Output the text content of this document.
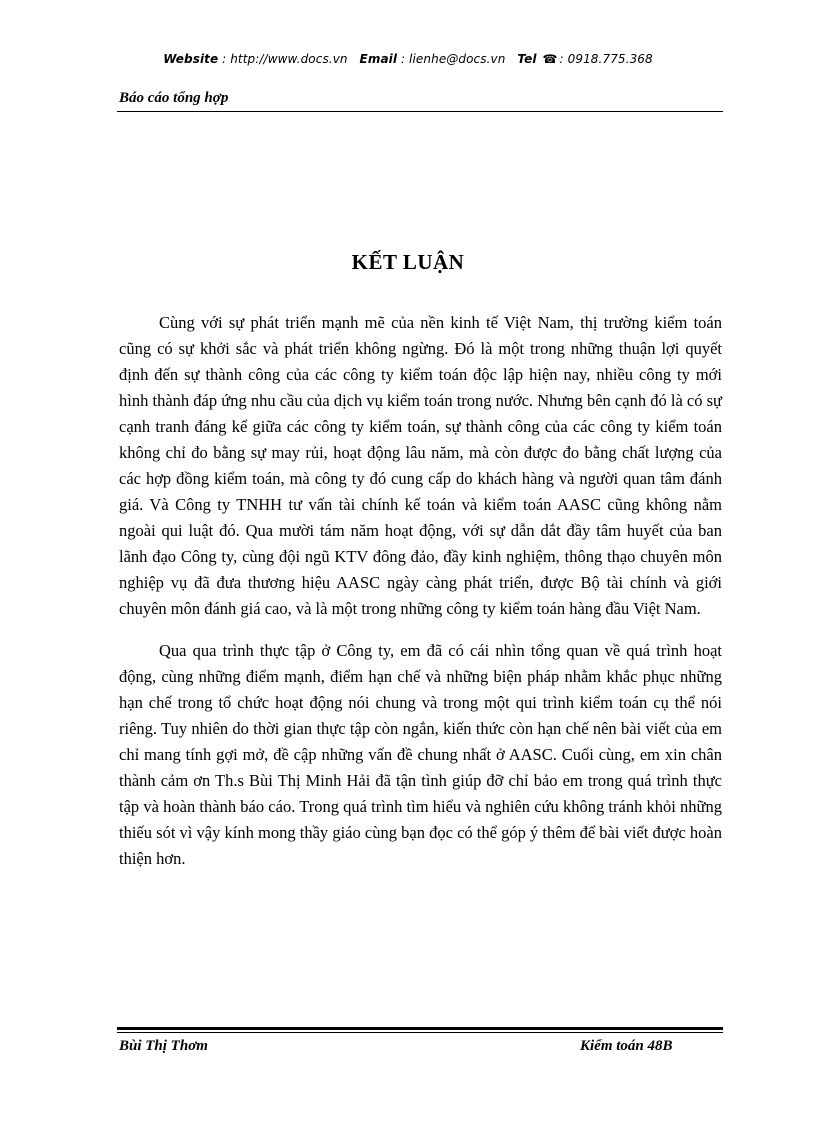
Website : http://www.docs.vn Email : lienhe@docs.vn Tel ☎ : 0918.775.368
Báo cáo tổng hợp
KẾT LUẬN

Cùng với sự phát triển mạnh mẽ của nền kinh tế Việt Nam, thị trường kiểm toán cũng có sự khởi sắc và phát triển không ngừng. Đó là một trong những thuận lợi quyết định đến sự thành công của các công ty kiểm toán độc lập hiện nay, nhiều công ty mới hình thành đáp ứng nhu cầu của dịch vụ kiểm toán trong nước. Nhưng bên cạnh đó là có sự cạnh tranh đáng kể giữa các công ty kiểm toán, sự thành công của các công ty kiểm toán không chỉ đo bằng sự may rủi, hoạt động lâu năm, mà còn được đo bằng chất lượng của các hợp đồng kiểm toán, mà công ty đó cung cấp do khách hàng và người quan tâm đánh giá. Và Công ty TNHH tư vấn tài chính kế toán và kiểm toán AASC cũng không nằm ngoài qui luật đó. Qua mười tám năm hoạt động, với sự dẫn dắt đầy tâm huyết của ban lãnh đạo Công ty, cùng đội ngũ KTV đông đảo, đầy kinh nghiệm, thông thạo chuyên môn nghiệp vụ đã đưa thương hiệu AASC ngày càng phát triển, được Bộ tài chính và giới chuyên môn đánh giá cao, và là một trong những công ty kiểm toán hàng đầu Việt Nam.

Qua qua trình thực tập ở Công ty, em đã có cái nhìn tổng quan về quá trình hoạt động, cùng những điểm mạnh, điểm hạn chế và những biện pháp nhằm khắc phục những hạn chế trong tổ chức hoạt động nói chung và trong một qui trình kiểm toán cụ thể nói riêng. Tuy nhiên do thời gian thực tập còn ngắn, kiến thức còn hạn chế nên bài viết của em chỉ mang tính gợi mở, đề cập những vấn đề chung nhất ở AASC. Cuối cùng, em xin chân thành cảm ơn Th.s Bùi Thị Minh Hải đã tận tình giúp đỡ chỉ bảo em trong quá trình thực tập và hoàn thành báo cáo. Trong quá trình tìm hiểu và nghiên cứu không tránh khỏi những thiếu sót vì vậy kính mong thầy giáo cùng bạn đọc có thể góp ý thêm để bài viết được hoàn thiện hơn.

Bùi Thị Thơm	Kiểm toán 48B
